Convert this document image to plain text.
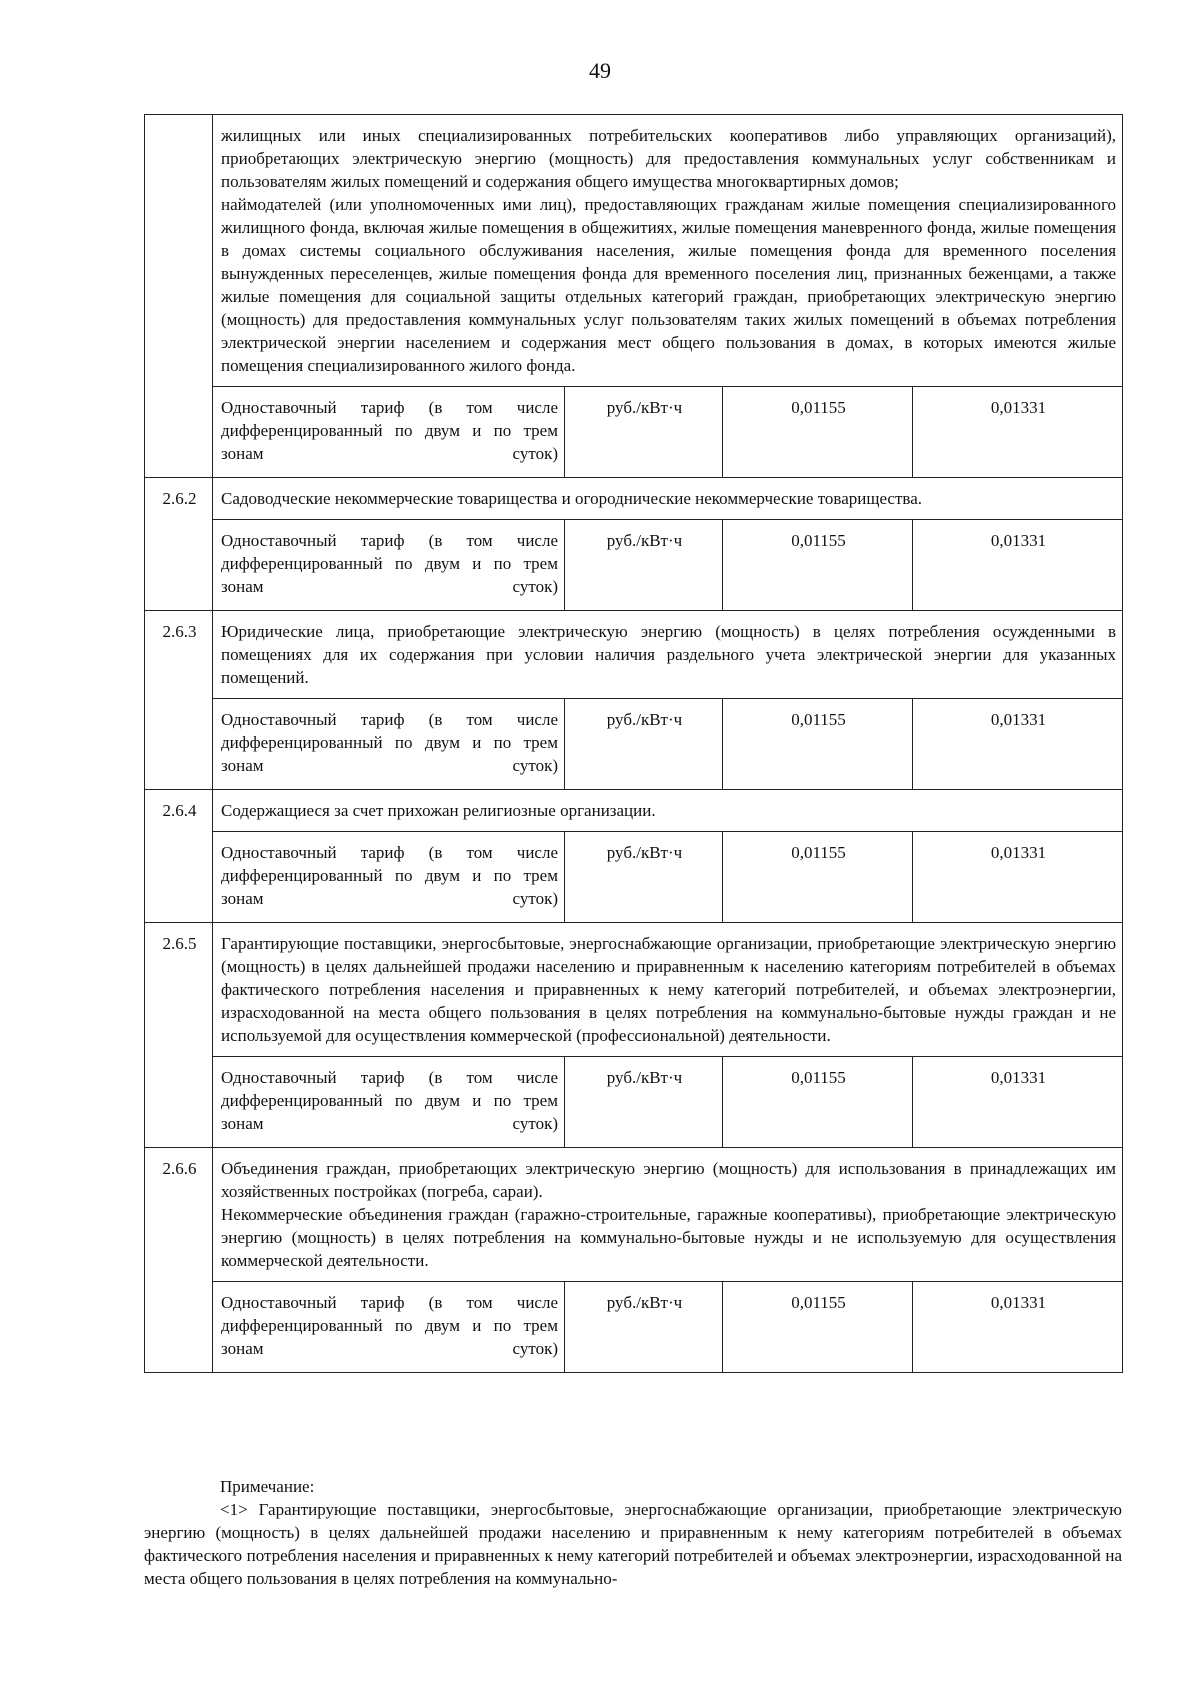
49

	жилищных или иных специализированных потребительских кооперативов либо управляющих организаций), приобретающих электрическую энергию (мощность) для предоставления коммунальных услуг собственникам и пользователям жилых помещений и содержания общего имущества многоквартирных домов;

наймодателей (или уполномоченных ими лиц), предоставляющих гражданам жилые помещения специализированного жилищного фонда, включая жилые помещения в общежитиях, жилые помещения маневренного фонда, жилые помещения в домах системы социального обслуживания населения, жилые помещения фонда для временного поселения вынужденных переселенцев, жилые помещения фонда для временного поселения лиц, признанных беженцами, а также жилые помещения для социальной защиты отдельных категорий граждан, приобретающих электрическую энергию (мощность) для предоставления коммунальных услуг пользователям таких жилых помещений в объемах потребления электрической энергии населением и содержания мест общего пользования в домах, в которых имеются жилые помещения специализированного жилого фонда.			

	Одноставочный тариф (в том числе дифференцированный по двум и по трем зонам суток)	руб./кВт·ч	0,01155	0,01331
2.6.2	Садоводческие некоммерческие товарищества и огороднические некоммерческие товарищества.			

	Одноставочный тариф (в том числе дифференцированный по двум и по трем зонам суток)	руб./кВт·ч	0,01155	0,01331
2.6.3	Юридические лица, приобретающие электрическую энергию (мощность) в целях потребления осужденными в помещениях для их содержания при условии наличия раздельного учета электрической энергии для указанных помещений.			

	Одноставочный тариф (в том числе дифференцированный по двум и по трем зонам суток)	руб./кВт·ч	0,01155	0,01331
2.6.4	Содержащиеся за счет прихожан религиозные организации.			

	Одноставочный тариф (в том числе дифференцированный по двум и по трем зонам суток)	руб./кВт·ч	0,01155	0,01331
2.6.5	Гарантирующие поставщики, энергосбытовые, энергоснабжающие организации, приобретающие электрическую энергию (мощность) в целях дальнейшей продажи населению и приравненным к населению категориям потребителей в объемах фактического потребления населения и приравненных к нему категорий потребителей, и объемах электроэнергии, израсходованной на места общего пользования в целях потребления на коммунально-бытовые нужды граждан и не используемой для осуществления коммерческой (профессиональной) деятельности.			

	Одноставочный тариф (в том числе дифференцированный по двум и по трем зонам суток)	руб./кВт·ч	0,01155	0,01331
2.6.6	Объединения граждан, приобретающих электрическую энергию (мощность) для использования в принадлежащих им хозяйственных постройках (погреба, сараи).

Некоммерческие объединения граждан (гаражно-строительные, гаражные кооперативы), приобретающие электрическую энергию (мощность) в целях потребления на коммунально-бытовые нужды и не используемую для осуществления коммерческой деятельности.			

	Одноставочный тариф (в том числе дифференцированный по двум и по трем зонам суток)	руб./кВт·ч	0,01155	0,01331

Примечание:

<1> Гарантирующие поставщики, энергосбытовые, энергоснабжающие организации, приобретающие электрическую энергию (мощность) в целях дальнейшей продажи населению и приравненным к нему категориям потребителей в объемах фактического потребления населения и приравненных к нему категорий потребителей и объемах электроэнергии, израсходованной на места общего пользования в целях потребления на коммунально-
